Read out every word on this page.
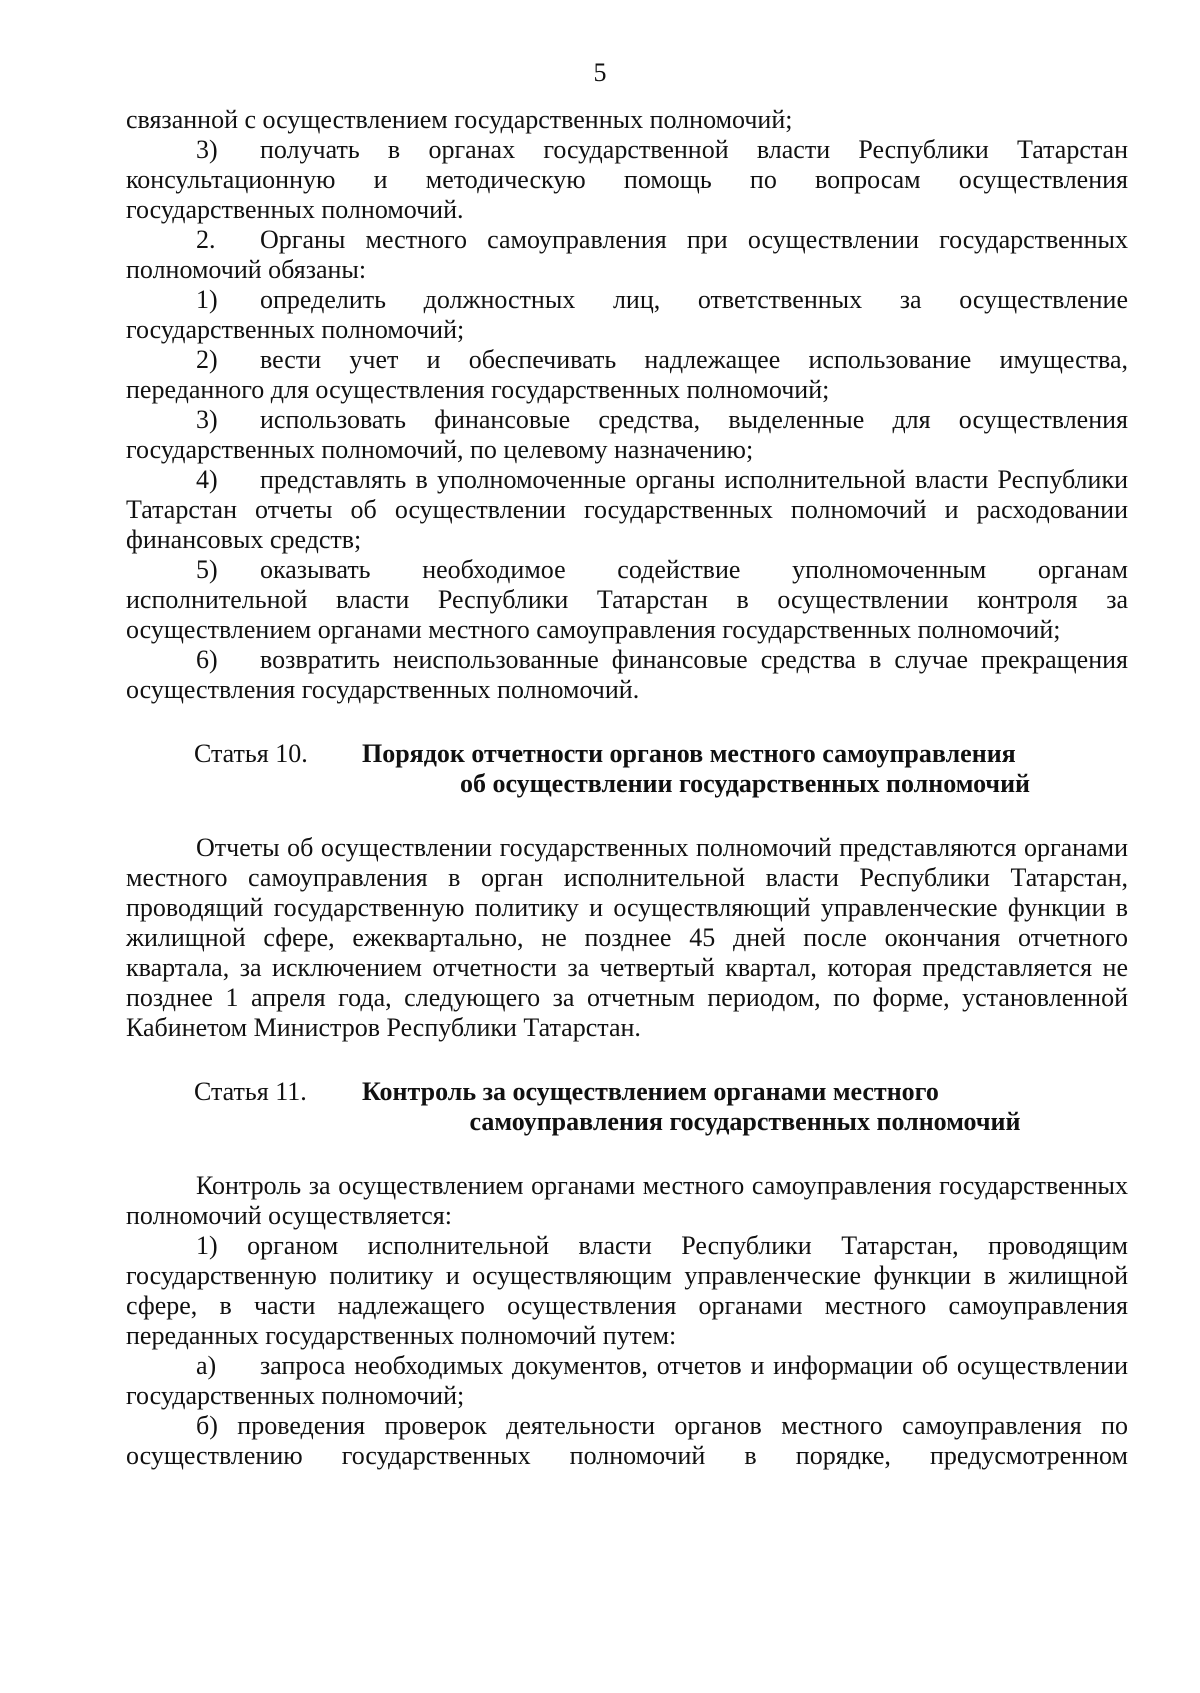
5

связанной с осуществлением государственных полномочий;

3) получать в органах государственной власти Республики Татарстан консультационную и методическую помощь по вопросам осуществления государственных полномочий.

2. Органы местного самоуправления при осуществлении государственных полномочий обязаны:

1) определить должностных лиц, ответственных за осуществление государственных полномочий;

2) вести учет и обеспечивать надлежащее использование имущества, переданного для осуществления государственных полномочий;

3) использовать финансовые средства, выделенные для осуществления государственных полномочий, по целевому назначению;

4) представлять в уполномоченные органы исполнительной власти Республики Татарстан отчеты об осуществлении государственных полномочий и расходовании финансовых средств;

5) оказывать необходимое содействие уполномоченным органам исполнительной власти Республики Татарстан в осуществлении контроля за осуществлением органами местного самоуправления государственных полномочий;

6) возвратить неиспользованные финансовые средства в случае прекращения осуществления государственных полномочий.

Статья 10.	Порядок отчетности органов местного самоуправления
об осуществлении государственных полномочий

Отчеты об осуществлении государственных полномочий представляются органами местного самоуправления в орган исполнительной власти Республики Татарстан, проводящий государственную политику и осуществляющий управленческие функции в жилищной сфере, ежеквартально, не позднее 45 дней после окончания отчетного квартала, за исключением отчетности за четвертый квартал, которая представляется не позднее 1 апреля года, следующего за отчетным периодом, по форме, установленной Кабинетом Министров Республики Татарстан.

Статья 11.	Контроль за осуществлением органами местного
самоуправления государственных полномочий

Контроль за осуществлением органами местного самоуправления государственных полномочий осуществляется:

1) органом исполнительной власти Республики Татарстан, проводящим государственную политику и осуществляющим управленческие функции в жилищной сфере, в части надлежащего осуществления органами местного самоуправления переданных государственных полномочий путем:

а) запроса необходимых документов, отчетов и информации об осуществлении государственных полномочий;

б) проведения проверок деятельности органов местного самоуправления по осуществлению государственных полномочий в порядке, предусмотренном
